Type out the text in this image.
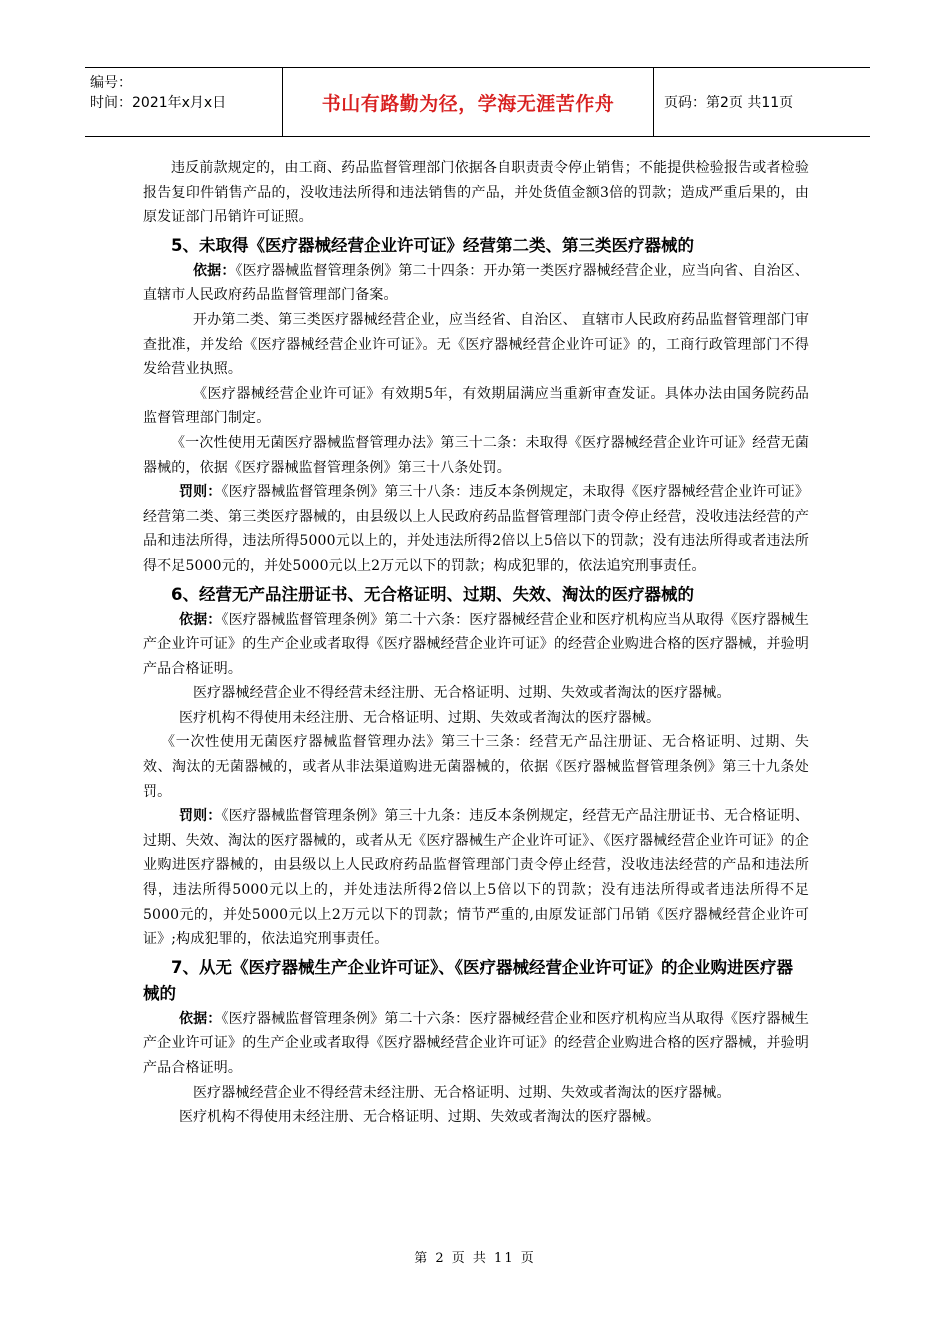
编号：
时间：2021年x月x日	书山有路勤为径，学海无涯苦作舟	页码：第2页 共11页

违反前款规定的，由工商、药品监督管理部门依据各自职责责令停止销售；不能提供检验报告或者检验报告复印件销售产品的，没收违法所得和违法销售的产品，并处货值金额3倍的罚款；造成严重后果的，由原发证部门吊销许可证照。

5、未取得《医疗器械经营企业许可证》经营第二类、第三类医疗器械的

依据：《医疗器械监督管理条例》第二十四条：开办第一类医疗器械经营企业，应当向省、自治区、直辖市人民政府药品监督管理部门备案。

开办第二类、第三类医疗器械经营企业，应当经省、自治区、 直辖市人民政府药品监督管理部门审查批准，并发给《医疗器械经营企业许可证》。无《医疗器械经营企业许可证》的，工商行政管理部门不得发给营业执照。

《医疗器械经营企业许可证》有效期5年，有效期届满应当重新审查发证。具体办法由国务院药品监督管理部门制定。

《一次性使用无菌医疗器械监督管理办法》第三十二条：未取得《医疗器械经营企业许可证》经营无菌器械的，依据《医疗器械监督管理条例》第三十八条处罚。

罚则：《医疗器械监督管理条例》第三十八条：违反本条例规定，未取得《医疗器械经营企业许可证》经营第二类、第三类医疗器械的，由县级以上人民政府药品监督管理部门责令停止经营，没收违法经营的产品和违法所得，违法所得5000元以上的，并处违法所得2倍以上5倍以下的罚款；没有违法所得或者违法所得不足5000元的，并处5000元以上2万元以下的罚款；构成犯罪的，依法追究刑事责任。

6、经营无产品注册证书、无合格证明、过期、失效、淘汰的医疗器械的

依据：《医疗器械监督管理条例》第二十六条：医疗器械经营企业和医疗机构应当从取得《医疗器械生产企业许可证》的生产企业或者取得《医疗器械经营企业许可证》的经营企业购进合格的医疗器械，并验明产品合格证明。

医疗器械经营企业不得经营未经注册、无合格证明、过期、失效或者淘汰的医疗器械。

医疗机构不得使用未经注册、无合格证明、过期、失效或者淘汰的医疗器械。

《一次性使用无菌医疗器械监督管理办法》第三十三条：经营无产品注册证、无合格证明、过期、失效、淘汰的无菌器械的，或者从非法渠道购进无菌器械的，依据《医疗器械监督管理条例》第三十九条处罚。

罚则：《医疗器械监督管理条例》第三十九条：违反本条例规定，经营无产品注册证书、无合格证明、过期、失效、淘汰的医疗器械的，或者从无《医疗器械生产企业许可证》、《医疗器械经营企业许可证》的企业购进医疗器械的，由县级以上人民政府药品监督管理部门责令停止经营，没收违法经营的产品和违法所得，违法所得5000元以上的，并处违法所得2倍以上5倍以下的罚款；没有违法所得或者违法所得不足5000元的，并处5000元以上2万元以下的罚款；情节严重的,由原发证部门吊销《医疗器械经营企业许可证》;构成犯罪的，依法追究刑事责任。

7、从无《医疗器械生产企业许可证》、《医疗器械经营企业许可证》的企业购进医疗器械的

依据：《医疗器械监督管理条例》第二十六条：医疗器械经营企业和医疗机构应当从取得《医疗器械生产企业许可证》的生产企业或者取得《医疗器械经营企业许可证》的经营企业购进合格的医疗器械，并验明产品合格证明。

医疗器械经营企业不得经营未经注册、无合格证明、过期、失效或者淘汰的医疗器械。

医疗机构不得使用未经注册、无合格证明、过期、失效或者淘汰的医疗器械。

第 2 页 共 11 页
